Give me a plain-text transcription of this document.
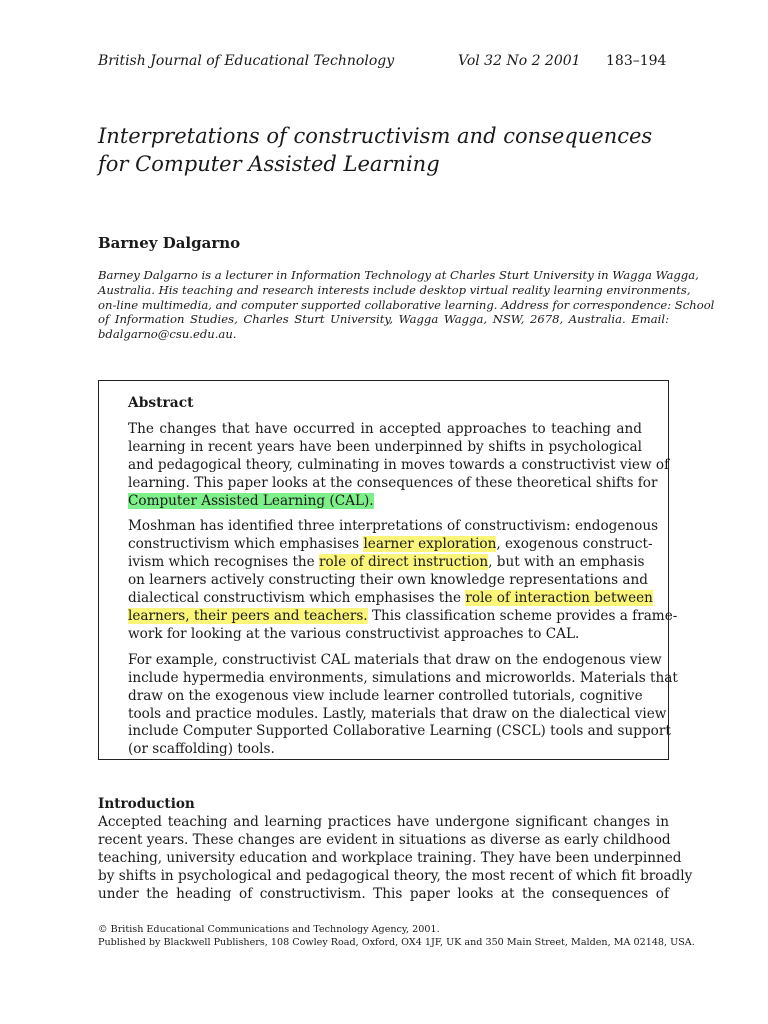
British Journal of Educational Technology	Vol 32 No 2 2001 183–194
Interpretations of constructivism and consequences
for Computer Assisted Learning
Barney Dalgarno
Barney Dalgarno is a lecturer in Information Technology at Charles Sturt University in Wagga Wagga,
Australia. His teaching and research interests include desktop virtual reality learning environments,
on-line multimedia, and computer supported collaborative learning. Address for correspondence: School
of Information Studies, Charles Sturt University, Wagga Wagga, NSW, 2678, Australia. Email:
bdalgarno@csu.edu.au.
Abstract
The changes that have occurred in accepted approaches to teaching and
learning in recent years have been underpinned by shifts in psychological
and pedagogical theory, culminating in moves towards a constructivist view of
learning. This paper looks at the consequences of these theoretical shifts for
Computer Assisted Learning (CAL).
Moshman has identified three interpretations of constructivism: endogenous
constructivism which emphasises learner exploration, exogenous construct-
ivism which recognises the role of direct instruction, but with an emphasis
on learners actively constructing their own knowledge representations and
dialectical constructivism which emphasises the role of interaction between
learners, their peers and teachers. This classification scheme provides a frame-
work for looking at the various constructivist approaches to CAL.
For example, constructivist CAL materials that draw on the endogenous view
include hypermedia environments, simulations and microworlds. Materials that
draw on the exogenous view include learner controlled tutorials, cognitive
tools and practice modules. Lastly, materials that draw on the dialectical view
include Computer Supported Collaborative Learning (CSCL) tools and support
(or scaffolding) tools.
Introduction
Accepted teaching and learning practices have undergone significant changes in
recent years. These changes are evident in situations as diverse as early childhood
teaching, university education and workplace training. They have been underpinned
by shifts in psychological and pedagogical theory, the most recent of which fit broadly
under the heading of constructivism. This paper looks at the consequences of
© British Educational Communications and Technology Agency, 2001.
Published by Blackwell Publishers, 108 Cowley Road, Oxford, OX4 1JF, UK and 350 Main Street, Malden, MA 02148, USA.
